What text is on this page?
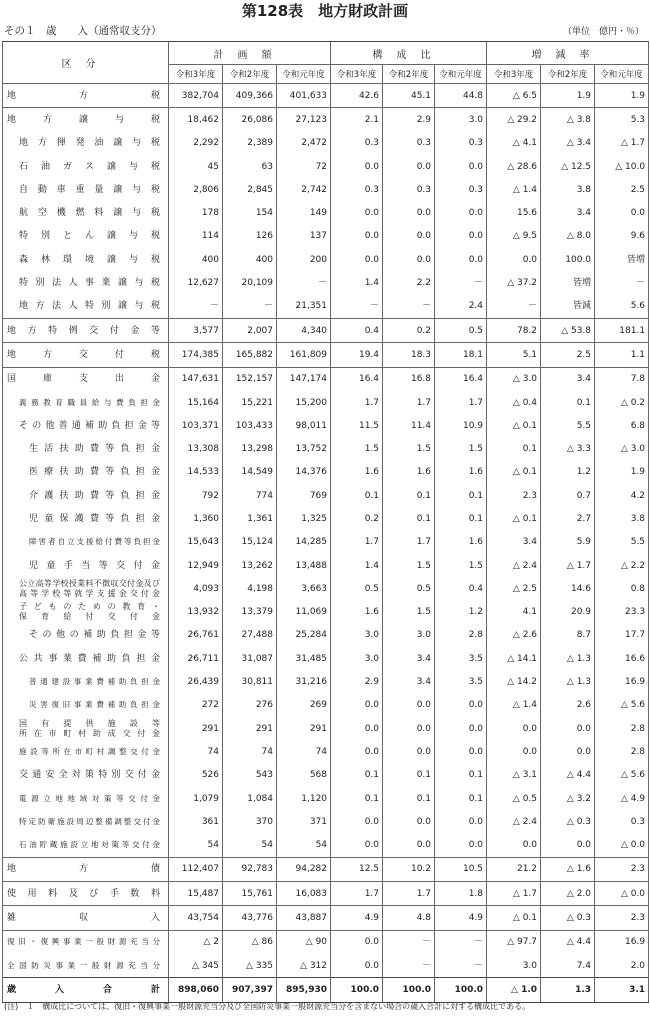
第128表　地方財政計画
その１　歳　　入（通常収支分）	（単位　億円・％）
区分	計画額			構成比			増減率		
	令和3年度	令和2年度	令和元年度	令和3年度	令和2年度	令和元年度	令和3年度	令和2年度	令和元年度
地方税	382,704	409,366	401,633	42.6	45.1	44.8	△ 6.5	1.9	1.9
地方譲与税	18,462	26,086	27,123	2.1	2.9	3.0	△ 29.2	△ 3.8	5.3
地方揮発油譲与税	2,292	2,389	2,472	0.3	0.3	0.3	△ 4.1	△ 3.4	△ 1.7
石油ガス譲与税	45	63	72	0.0	0.0	0.0	△ 28.6	△ 12.5	△ 10.0
自動車重量譲与税	2,806	2,845	2,742	0.3	0.3	0.3	△ 1.4	3.8	2.5
航空機燃料譲与税	178	154	149	0.0	0.0	0.0	15.6	3.4	0.0
特別とん譲与税	114	126	137	0.0	0.0	0.0	△ 9.5	△ 8.0	9.6
森林環境譲与税	400	400	200	0.0	0.0	0.0	0.0	100.0	皆増
特別法人事業譲与税	12,627	20,109	－	1.4	2.2	－	△ 37.2	皆増	－
地方法人特別譲与税	－	－	21,351	－	－	2.4	－	皆減	5.6
地方特例交付金等	3,577	2,007	4,340	0.4	0.2	0.5	78.2	△ 53.8	181.1
地方交付税	174,385	165,882	161,809	19.4	18.3	18.1	5.1	2.5	1.1
国庫支出金	147,631	152,157	147,174	16.4	16.8	16.4	△ 3.0	3.4	7.8
義務教育職員給与費負担金	15,164	15,221	15,200	1.7	1.7	1.7	△ 0.4	0.1	△ 0.2
その他普通補助負担金等	103,371	103,433	98,011	11.5	11.4	10.9	△ 0.1	5.5	6.8
生活扶助費等負担金	13,308	13,298	13,752	1.5	1.5	1.5	0.1	△ 3.3	△ 3.0
医療扶助費等負担金	14,533	14,549	14,376	1.6	1.6	1.6	△ 0.1	1.2	1.9
介護扶助費等負担金	792	774	769	0.1	0.1	0.1	2.3	0.7	4.2
児童保護費等負担金	1,360	1,361	1,325	0.2	0.1	0.1	△ 0.1	2.7	3.8
障害者自立支援給付費等負担金	15,643	15,124	14,285	1.7	1.7	1.6	3.4	5.9	5.5
児童手当等交付金	12,949	13,262	13,488	1.4	1.5	1.5	△ 2.4	△ 1.7	△ 2.2

公立高等学校授業料不徴収交付金及び
高等学校等就学支援金交付金	4,093	4,198	3,663	0.5	0.5	0.4	△ 2.5	14.6	0.8

子どものための教育・
保育給付交付金	13,932	13,379	11,069	1.6	1.5	1.2	4.1	20.9	23.3
その他の補助負担金等	26,761	27,488	25,284	3.0	3.0	2.8	△ 2.6	8.7	17.7
公共事業費補助負担金	26,711	31,087	31,485	3.0	3.4	3.5	△ 14.1	△ 1.3	16.6
普通建設事業費補助負担金	26,439	30,811	31,216	2.9	3.4	3.5	△ 14.2	△ 1.3	16.9
災害復旧事業費補助負担金	272	276	269	0.0	0.0	0.0	△ 1.4	2.6	△ 5.6

国有提供施設等
所在市町村助成交付金	291	291	291	0.0	0.0	0.0	0.0	0.0	2.8
施設等所在市町村調整交付金	74	74	74	0.0	0.0	0.0	0.0	0.0	2.8
交通安全対策特別交付金	526	543	568	0.1	0.1	0.1	△ 3.1	△ 4.4	△ 5.6
電源立地地域対策等交付金	1,079	1,084	1,120	0.1	0.1	0.1	△ 0.5	△ 3.2	△ 4.9
特定防衛施設周辺整備調整交付金	361	370	371	0.0	0.0	0.0	△ 2.4	△ 0.3	0.3
石油貯蔵施設立地対策等交付金	54	54	54	0.0	0.0	0.0	0.0	0.0	△ 0.0
地方債	112,407	92,783	94,282	12.5	10.2	10.5	21.2	△ 1.6	2.3
使用料及び手数料	15,487	15,761	16,083	1.7	1.7	1.8	△ 1.7	△ 2.0	△ 0.0
雑収入	43,754	43,776	43,887	4.9	4.8	4.9	△ 0.1	△ 0.3	2.3
復旧・復興事業一般財源充当分	△ 2	△ 86	△ 90	0.0	－	－	△ 97.7	△ 4.4	16.9
全国防災事業一般財源充当分	△ 345	△ 335	△ 312	0.0	－	－	3.0	7.4	2.0
歳入合計	898,060	907,397	895,930	100.0	100.0	100.0	△ 1.0	1.3	3.1
(注)　１　構成比については、復旧・復興事業一般財源充当分及び全国防災事業一般財源充当分を含まない場合の歳入合計に対する構成比である。
